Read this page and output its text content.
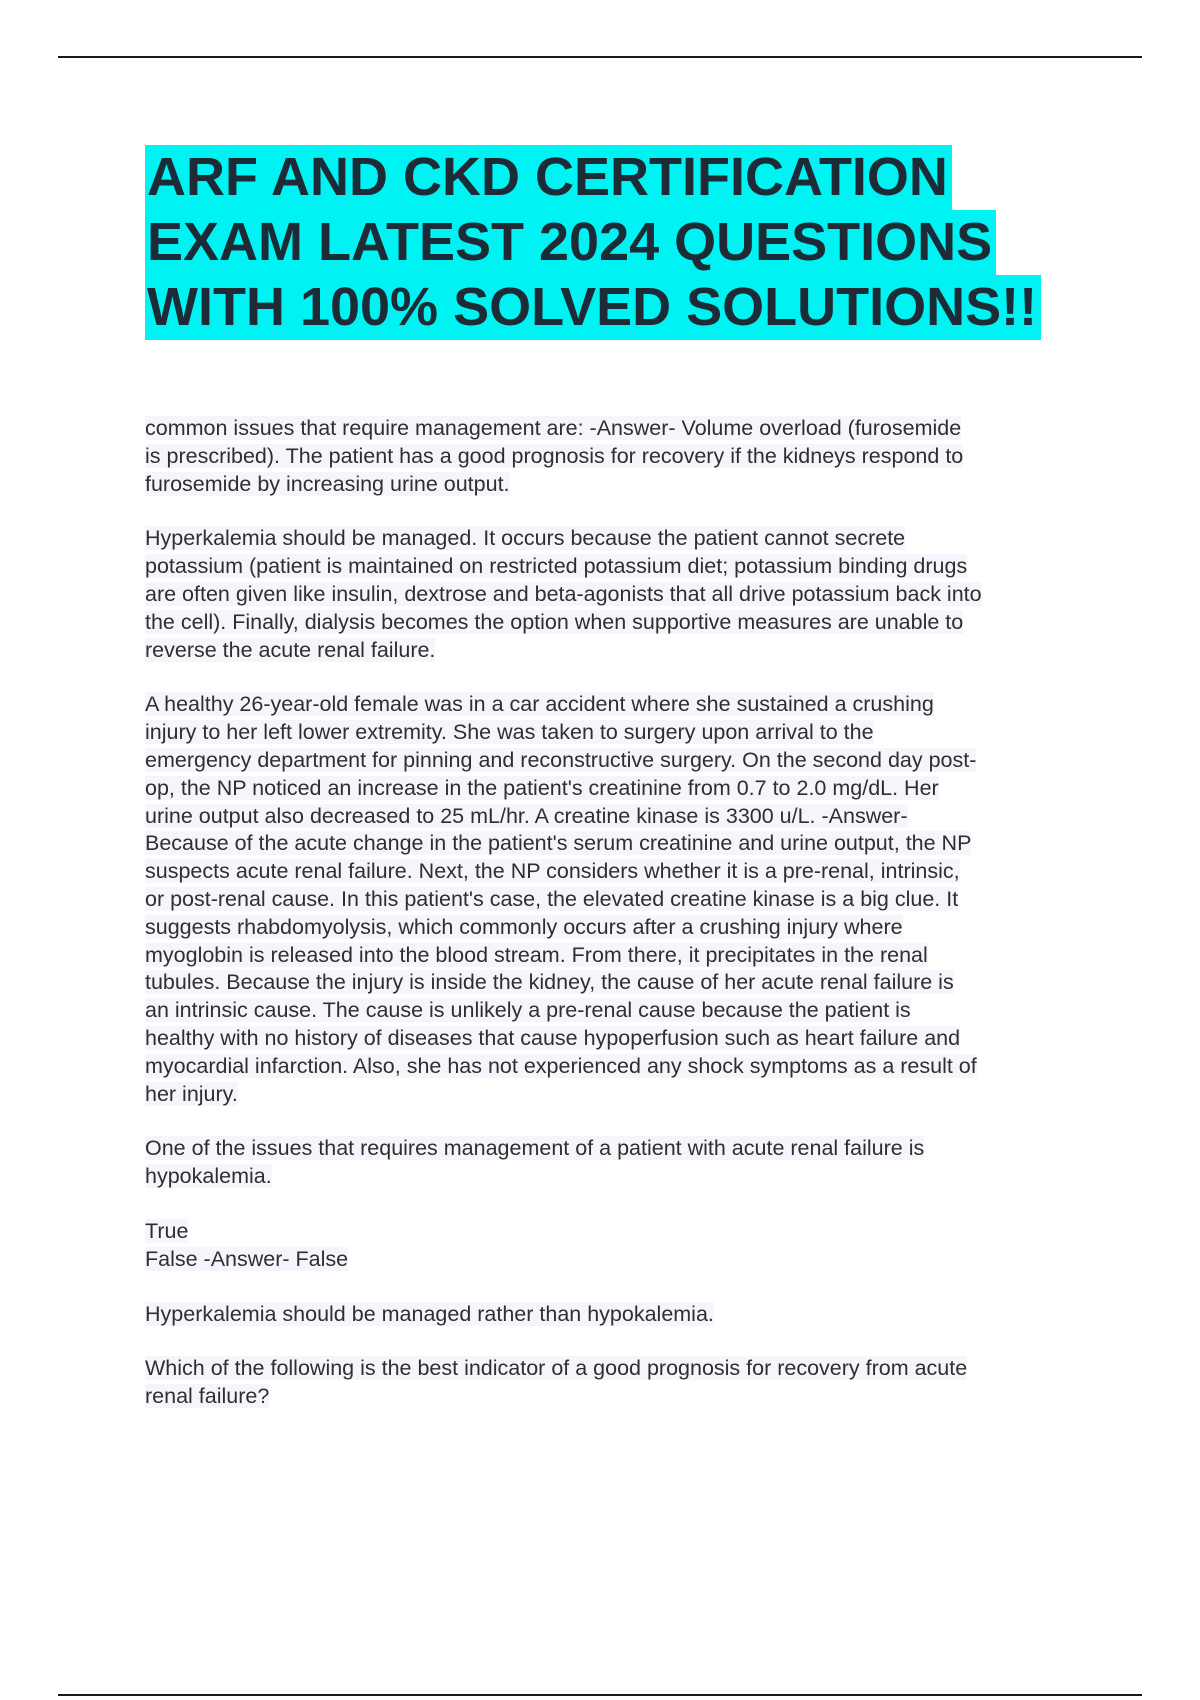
ARF AND CKD CERTIFICATION
EXAM LATEST 2024 QUESTIONS
WITH 100% SOLVED SOLUTIONS!!
common issues that require management are: -Answer- Volume overload (furosemide
is prescribed). The patient has a good prognosis for recovery if the kidneys respond to
furosemide by increasing urine output.
Hyperkalemia should be managed. It occurs because the patient cannot secrete
potassium (patient is maintained on restricted potassium diet; potassium binding drugs
are often given like insulin, dextrose and beta-agonists that all drive potassium back into
the cell). Finally, dialysis becomes the option when supportive measures are unable to
reverse the acute renal failure.
A healthy 26-year-old female was in a car accident where she sustained a crushing
injury to her left lower extremity. She was taken to surgery upon arrival to the
emergency department for pinning and reconstructive surgery. On the second day post-
op, the NP noticed an increase in the patient's creatinine from 0.7 to 2.0 mg/dL. Her
urine output also decreased to 25 mL/hr. A creatine kinase is 3300 u/L. -Answer-
Because of the acute change in the patient's serum creatinine and urine output, the NP
suspects acute renal failure. Next, the NP considers whether it is a pre-renal, intrinsic,
or post-renal cause. In this patient's case, the elevated creatine kinase is a big clue. It
suggests rhabdomyolysis, which commonly occurs after a crushing injury where
myoglobin is released into the blood stream. From there, it precipitates in the renal
tubules. Because the injury is inside the kidney, the cause of her acute renal failure is
an intrinsic cause. The cause is unlikely a pre-renal cause because the patient is
healthy with no history of diseases that cause hypoperfusion such as heart failure and
myocardial infarction. Also, she has not experienced any shock symptoms as a result of
her injury.
One of the issues that requires management of a patient with acute renal failure is
hypokalemia.
True
False -Answer- False
Hyperkalemia should be managed rather than hypokalemia.
Which of the following is the best indicator of a good prognosis for recovery from acute
renal failure?
